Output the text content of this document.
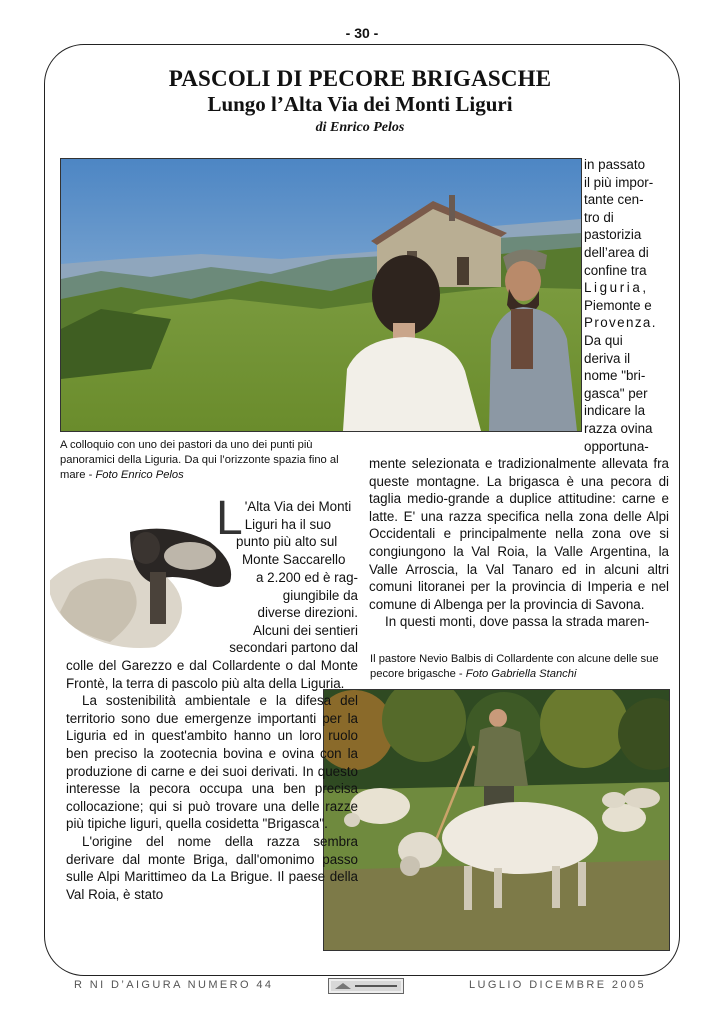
- 30 -
PASCOLI DI PECORE BRIGASCHE
Lungo l’Alta Via dei Monti Liguri
di Enrico Pelos
A colloquio con uno dei pastori da uno dei punti più panoramici della Liguria. Da qui l’orizzonte spazia fino al mare - Foto Enrico Pelos
in passato
il più impor-
tante cen-
tro di
pastorizia
dell’area di
confine tra
Liguria,
Piemonte e
Provenza.
Da qui
deriva il
nome "bri-
gasca" per
indicare la
razza ovina
opportuna-
mente selezionata e tradizionalmente allevata fra queste montagne. La brigasca è una pecora di taglia medio-grande a duplice attitudine: carne e latte. E' una razza specifica nella zona delle Alpi Occidentali e principalmente nella zona ove si congiungono la Val Roia, la Valle Argentina, la Valle Arroscia, la Val Tanaro ed in alcuni altri comuni litoranei per la provincia di Imperia e nel comune di Albenga per la provincia di Savona.
In questi monti, dove passa la strada maren-
Il pastore Nevio Balbis di Collardente con alcune delle sue pecore brigasche - Foto Gabriella Stanchi
L 'Alta Via dei Monti
Liguri ha il suo
punto più alto sul
Monte Saccarello
a 2.200 ed è rag-
giungibile da
diverse direzioni.
Alcuni dei sentieri
secondari partono dal
colle del Garezzo e dal Collardente o dal Monte Frontè, la terra di pascolo più alta della Liguria.
La sostenibilità ambientale e la difesa del territorio sono due emergenze importanti per la Liguria ed in quest'ambito hanno un loro ruolo ben preciso la zootecnia bovina e ovina con la produzione di carne e dei suoi derivati. In questo interesse la pecora occupa una ben precisa collocazione; qui si può trovare una delle razze più tipiche liguri, quella cosidetta "Brigasca".
L'origine del nome della razza sembra derivare dal monte Briga, dall'omonimo passo sulle Alpi Marittimeo da La Brigue. Il paese della Val Roia, è stato
R NI D’AIGURA NUMERO 44	LUGLIO DICEMBRE 2005
